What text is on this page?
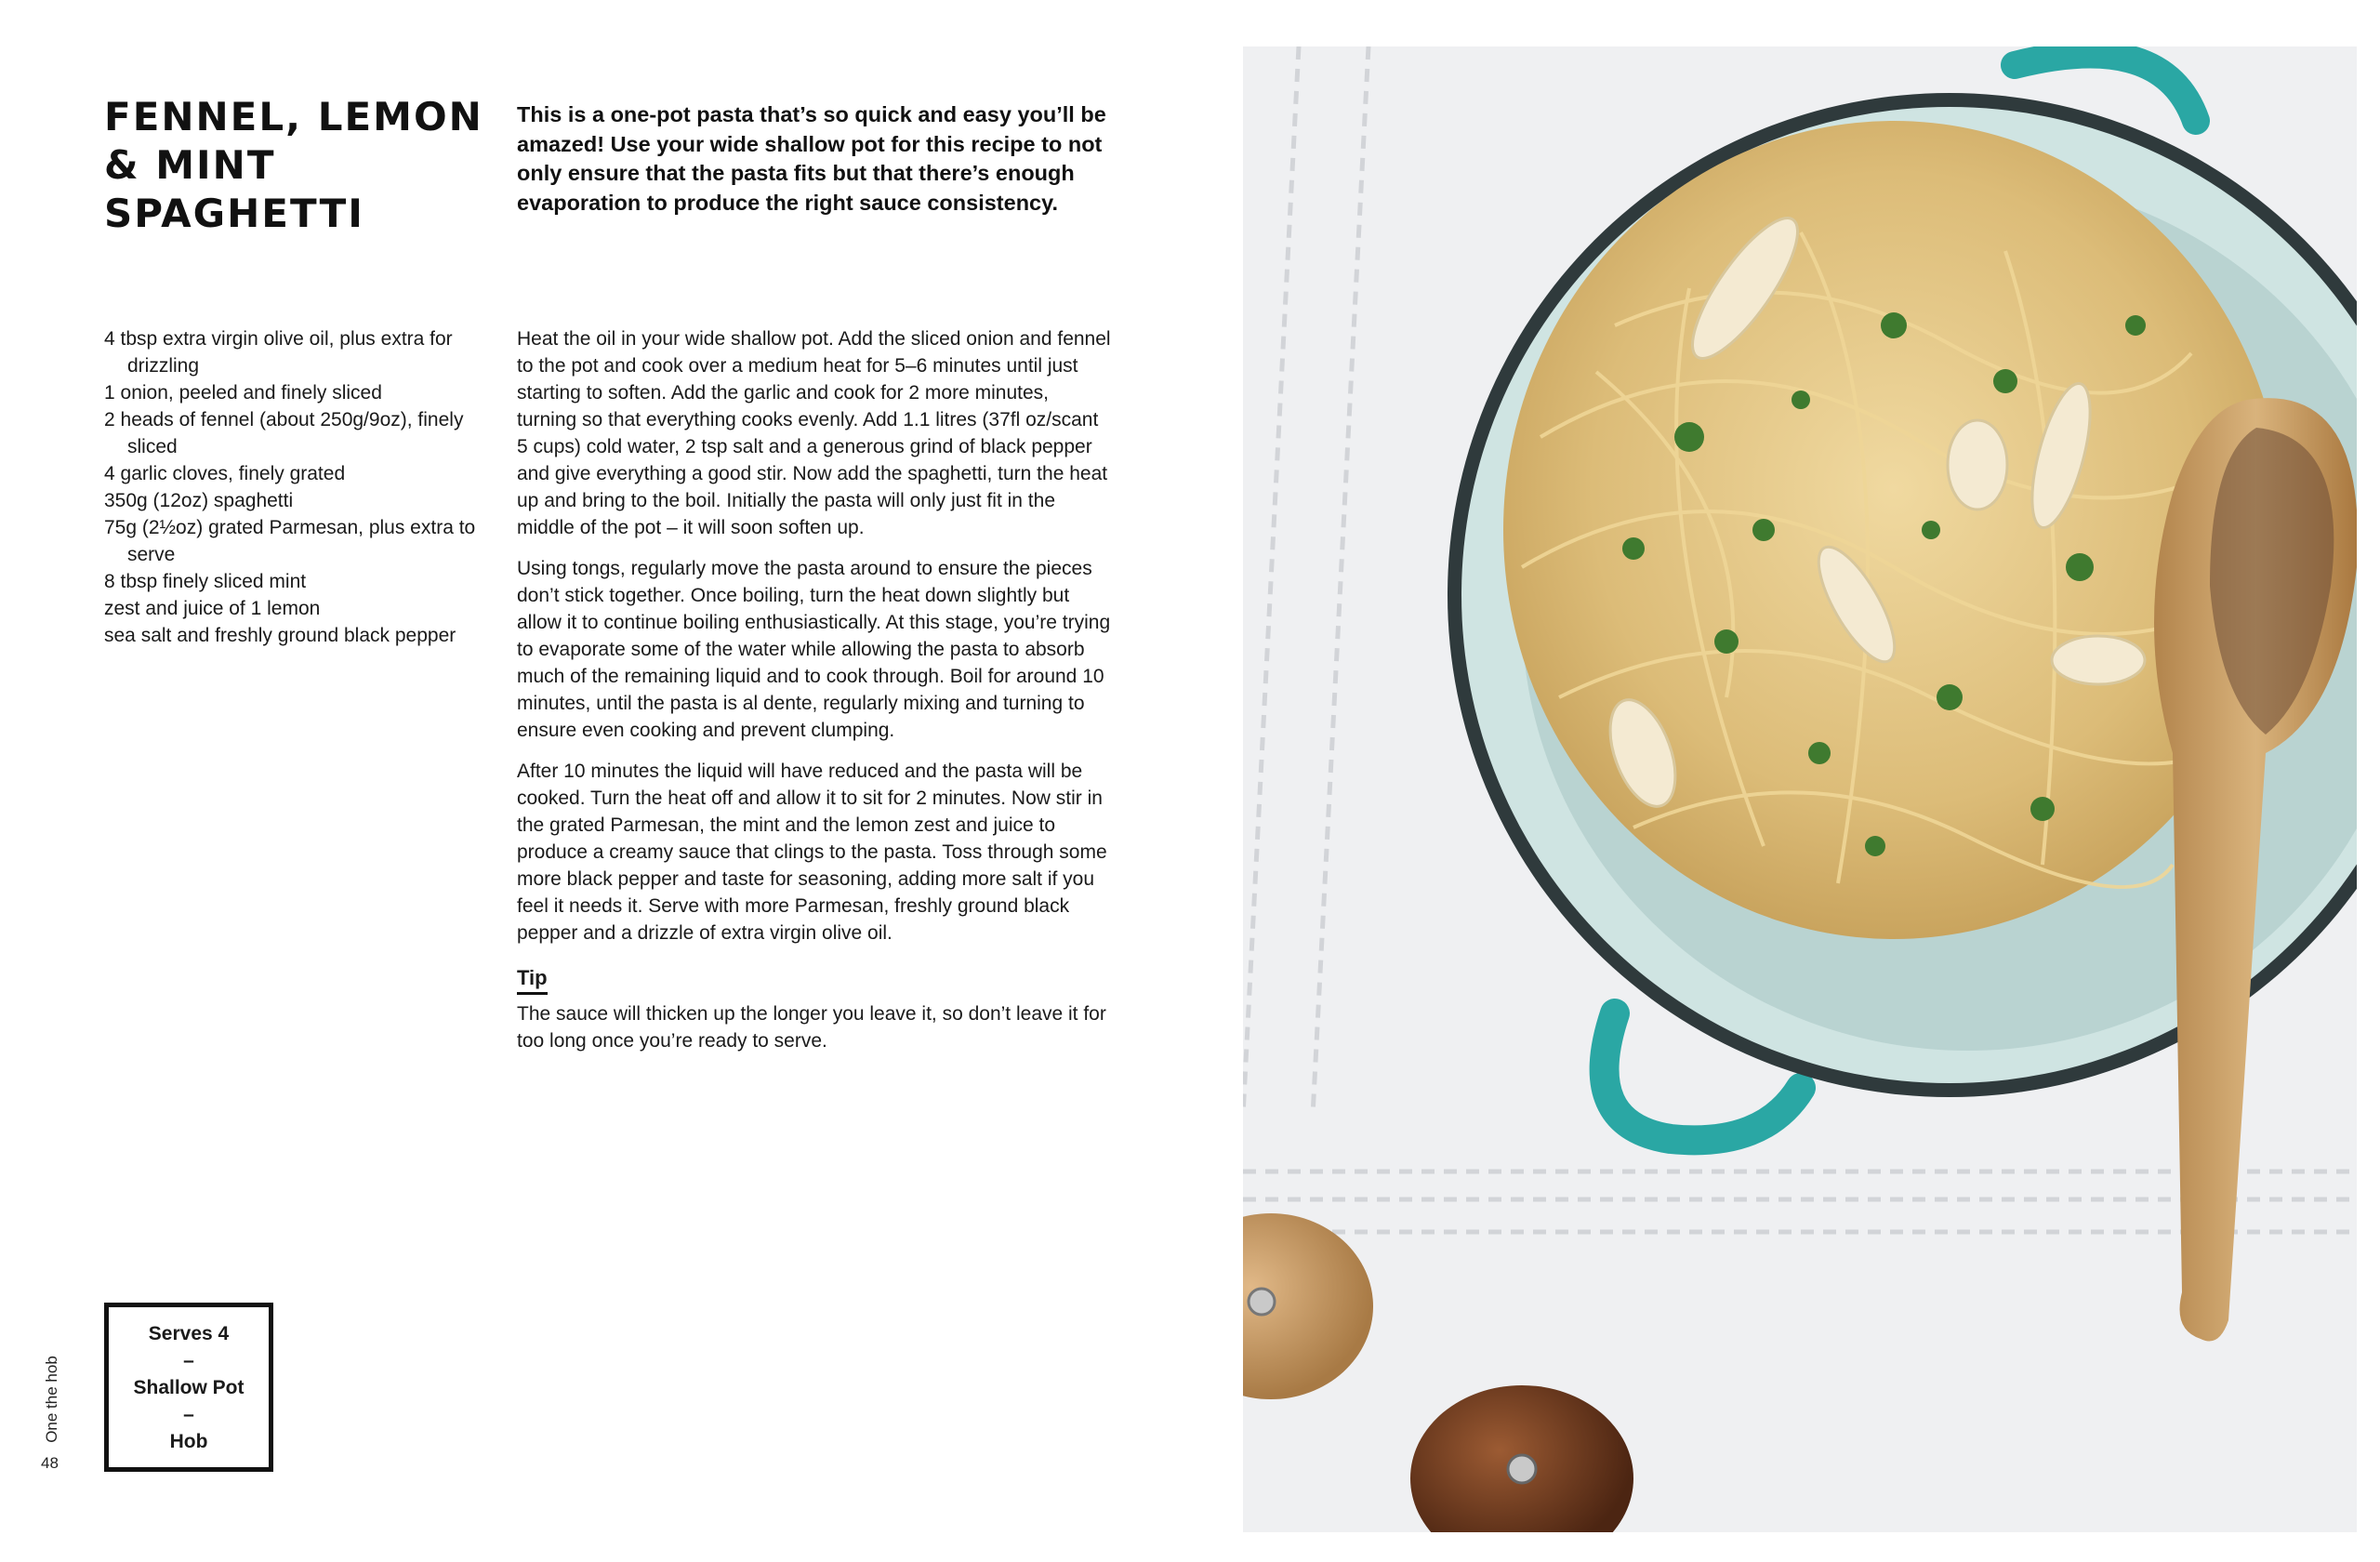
FENNEL, LEMON & MINT SPAGHETTI

This is a one-pot pasta that’s so quick and easy you’ll be amazed! Use your wide shallow pot for this recipe to not only ensure that the pasta fits but that there’s enough evaporation to produce the right sauce consistency.

4 tbsp extra virgin olive oil, plus extra for drizzling
1 onion, peeled and finely sliced
2 heads of fennel (about 250g/9oz), finely sliced
4 garlic cloves, finely grated
350g (12oz) spaghetti
75g (2½oz) grated Parmesan, plus extra to serve
8 tbsp finely sliced mint
zest and juice of 1 lemon
sea salt and freshly ground black pepper

Heat the oil in your wide shallow pot. Add the sliced onion and fennel to the pot and cook over a medium heat for 5–6 minutes until just starting to soften. Add the garlic and cook for 2 more minutes, turning so that everything cooks evenly. Add 1.1 litres (37fl oz/scant 5 cups) cold water, 2 tsp salt and a generous grind of black pepper and give everything a good stir. Now add the spaghetti, turn the heat up and bring to the boil. Initially the pasta will only just fit in the middle of the pot – it will soon soften up.

Using tongs, regularly move the pasta around to ensure the pieces don’t stick together. Once boiling, turn the heat down slightly but allow it to continue boiling enthusiastically. At this stage, you’re trying to evaporate some of the water while allowing the pasta to absorb much of the remaining liquid and to cook through. Boil for around 10 minutes, until the pasta is al dente, regularly mixing and turning to ensure even cooking and prevent clumping.

After 10 minutes the liquid will have reduced and the pasta will be cooked. Turn the heat off and allow it to sit for 2 minutes. Now stir in the grated Parmesan, the mint and the lemon zest and juice to produce a creamy sauce that clings to the pasta. Toss through some more black pepper and taste for seasoning, adding more salt if you feel it needs it. Serve with more Parmesan, freshly ground black pepper and a drizzle of extra virgin olive oil.

Tip

The sauce will thicken up the longer you leave it, so don’t leave it for too long once you’re ready to serve.

Serves 4
–
Shallow Pot
–
Hob
One the hob
48
